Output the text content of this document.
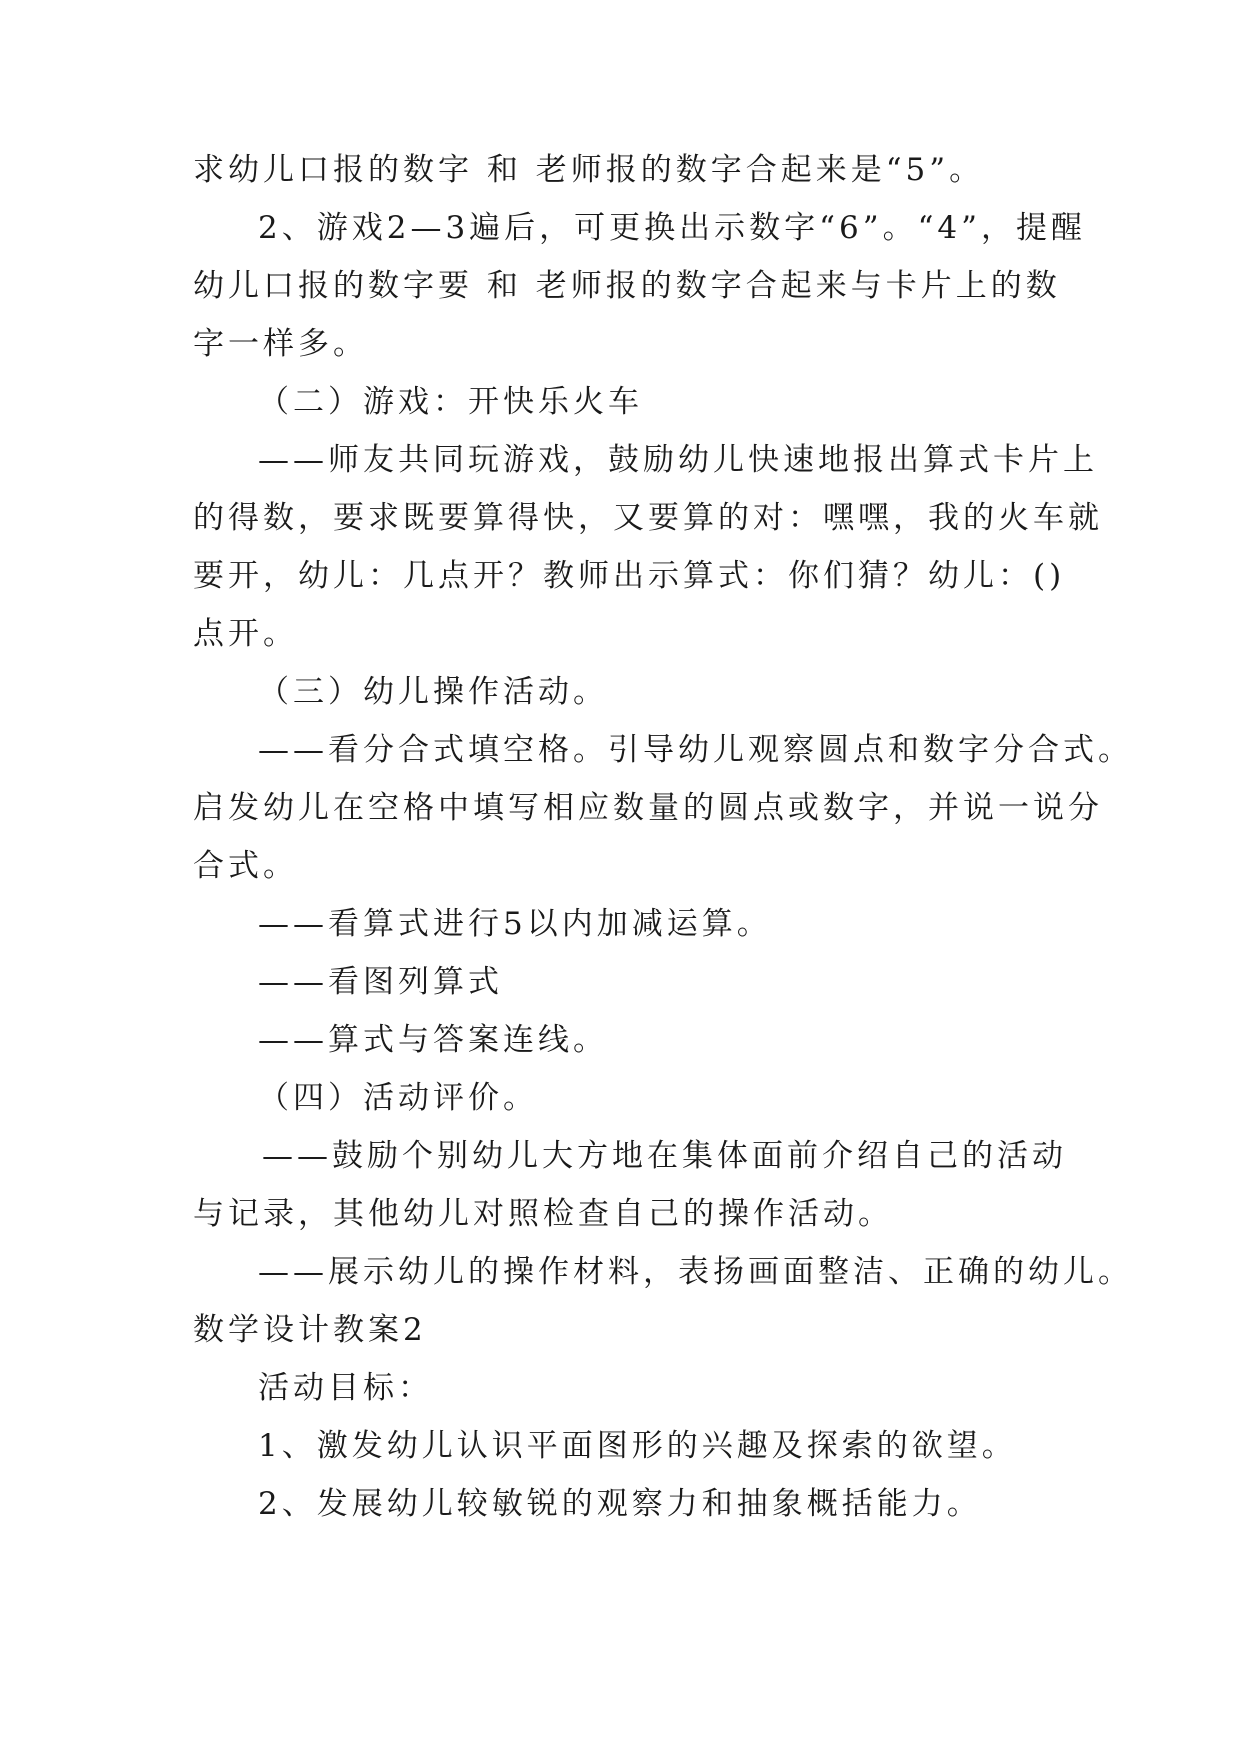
求幼儿口报的数字 和 老师报的数字合起来是“5”。
2、游戏2—3遍后，可更换出示数字“6”。“4”，提醒
幼儿口报的数字要 和 老师报的数字合起来与卡片上的数
字一样多。
（二）游戏：开快乐火车
——师友共同玩游戏，鼓励幼儿快速地报出算式卡片上
的得数，要求既要算得快，又要算的对：嘿嘿，我的火车就
要开，幼儿：几点开？教师出示算式：你们猜？幼儿：()
点开。
（三）幼儿操作活动。
——看分合式填空格。引导幼儿观察圆点和数字分合式。
启发幼儿在空格中填写相应数量的圆点或数字，并说一说分
合式。
——看算式进行5以内加减运算。
——看图列算式
——算式与答案连线。
（四）活动评价。
——鼓励个别幼儿大方地在集体面前介绍自己的活动
与记录，其他幼儿对照检查自己的操作活动。
——展示幼儿的操作材料，表扬画面整洁、正确的幼儿。
数学设计教案2
活动目标：
1、激发幼儿认识平面图形的兴趣及探索的欲望。
2、发展幼儿较敏锐的观察力和抽象概括能力。
